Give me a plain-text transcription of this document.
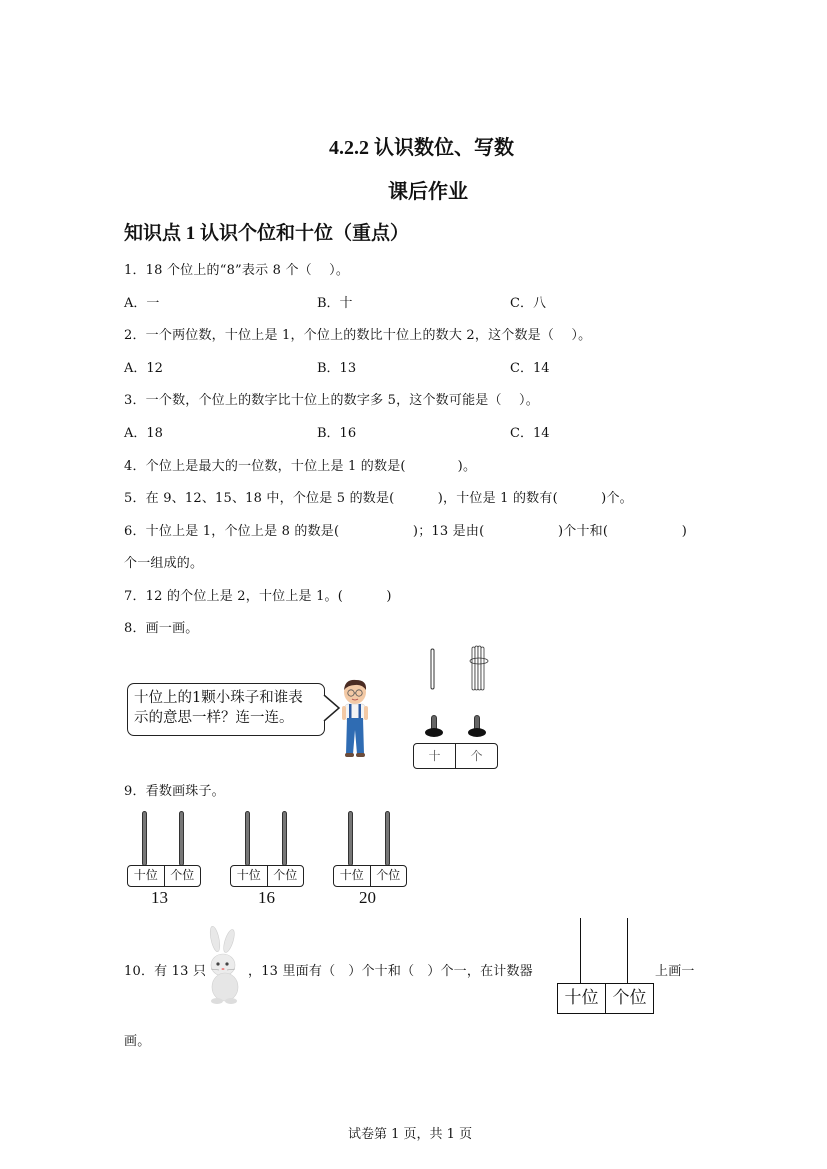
4.2.2 认识数位、写数
课后作业
知识点 1 认识个位和十位（重点）
1．18 个位上的“8”表示 8 个（    ）。
A．一	B．十	C．八
2．一个两位数，十位上是 1，个位上的数比十位上的数大 2，这个数是（    ）。
A．12	B．13	C．14
3．一个数，个位上的数字比十位上的数字多 5，这个数可能是（    ）。
A．18	B．16	C．14
4．个位上是最大的一位数，十位上是 1 的数是(            )。
5．在 9、12、15、18 中，个位是 5 的数是(          )，十位是 1 的数有(          )个。
6．十位上是 1，个位上是 8 的数是(                 )；13 是由(                 )个十和(                 )
个一组成的。
7．12 的个位上是 2，十位上是 1。(          )
8．画一画。
十位上的1颗小珠子和谁表
示的意思一样？连一连。
十	个
9．看数画珠子。
十位	个位
13
十位	个位
16
十位	个位
20
10．有 13 只	，13 里面有（   ）个十和（   ）个一，在计数器
十位 个位
上画一
画。
试卷第 1 页，共 1 页
